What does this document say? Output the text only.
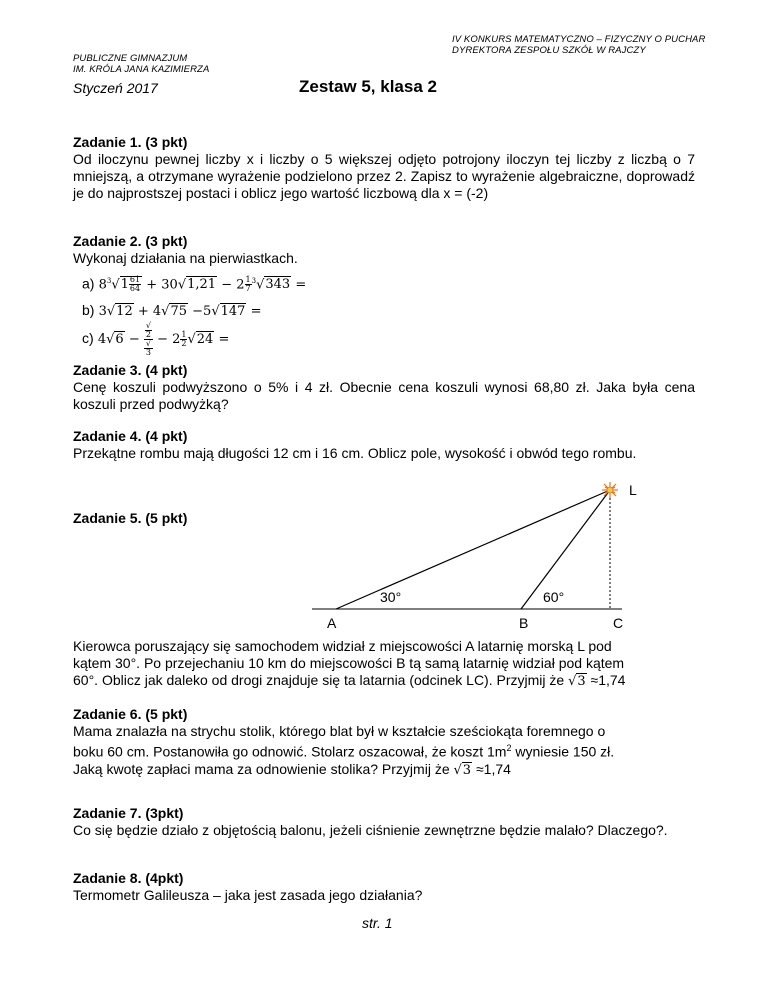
IV KONKURS MATEMATYCZNO – FIZYCZNY O PUCHAR
DYREKTORA ZESPOŁU SZKÓŁ W RAJCZY
PUBLICZNE GIMNAZJUM
IM. KRÓLA JANA KAZIMIERZA
Styczeń 2017	Zestaw 5, klasa 2
Zadanie 1. (3 pkt)
Od iloczynu pewnej liczby x i liczby o 5 większej odjęto potrojony iloczyn tej liczby z liczbą o 7 mniejszą, a otrzymane wyrażenie podzielono przez 2. Zapisz to wyrażenie algebraiczne, doprowadź je do najprostszej postaci i oblicz jego wartość liczbową dla x = (-2)
Zadanie 2. (3 pkt)
Wykonaj działania na pierwiastkach.
a) $8^3√1 \frac{61}{64} + 30√1,21 - 2 \frac{1}{7} ^3√343$ =
b) 3√12 + 4√75 −5√147 =
c) 4√6 − √
2
√
$3 - 2 \frac{1}{2} √24$ =
Zadanie 3. (4 pkt)
Cenę koszuli podwyższono o 5% i 4 zł. Obecnie cena koszuli wynosi 68,80 zł. Jaka była cena koszuli przed podwyżką?
Zadanie 4. (4 pkt)
Przekątne rombu mają długości 12 cm i 16 cm. Oblicz pole, wysokość i obwód tego rombu.
Zadanie 5. (5 pkt)
L
A	B	C
30°	60°
Kierowca poruszający się samochodem widział z miejscowości A latarnię morską L pod
kątem 30°. Po przejechaniu 10 km do miejscowości B tą samą latarnię widział pod kątem
60°. Oblicz jak daleko od drogi znajduje się ta latarnia (odcinek LC). Przyjmij że √3 ≈1,74
Zadanie 6. (5 pkt)
Mama znalazła na strychu stolik, którego blat był w kształcie sześciokąta foremnego o
boku 60 cm. Postanowiła go odnowić. Stolarz oszacował, że koszt $1m^2$ wyniesie 150 zł.
Jaką kwotę zapłaci mama za odnowienie stolika? Przyjmij że √3 ≈1,74
Zadanie 7. (3pkt)
Co się będzie działo z objętością balonu, jeżeli ciśnienie zewnętrzne będzie malało? Dlaczego?.
Zadanie 8. (4pkt)
Termometr Galileusza – jaka jest zasada jego działania?
str. 1
